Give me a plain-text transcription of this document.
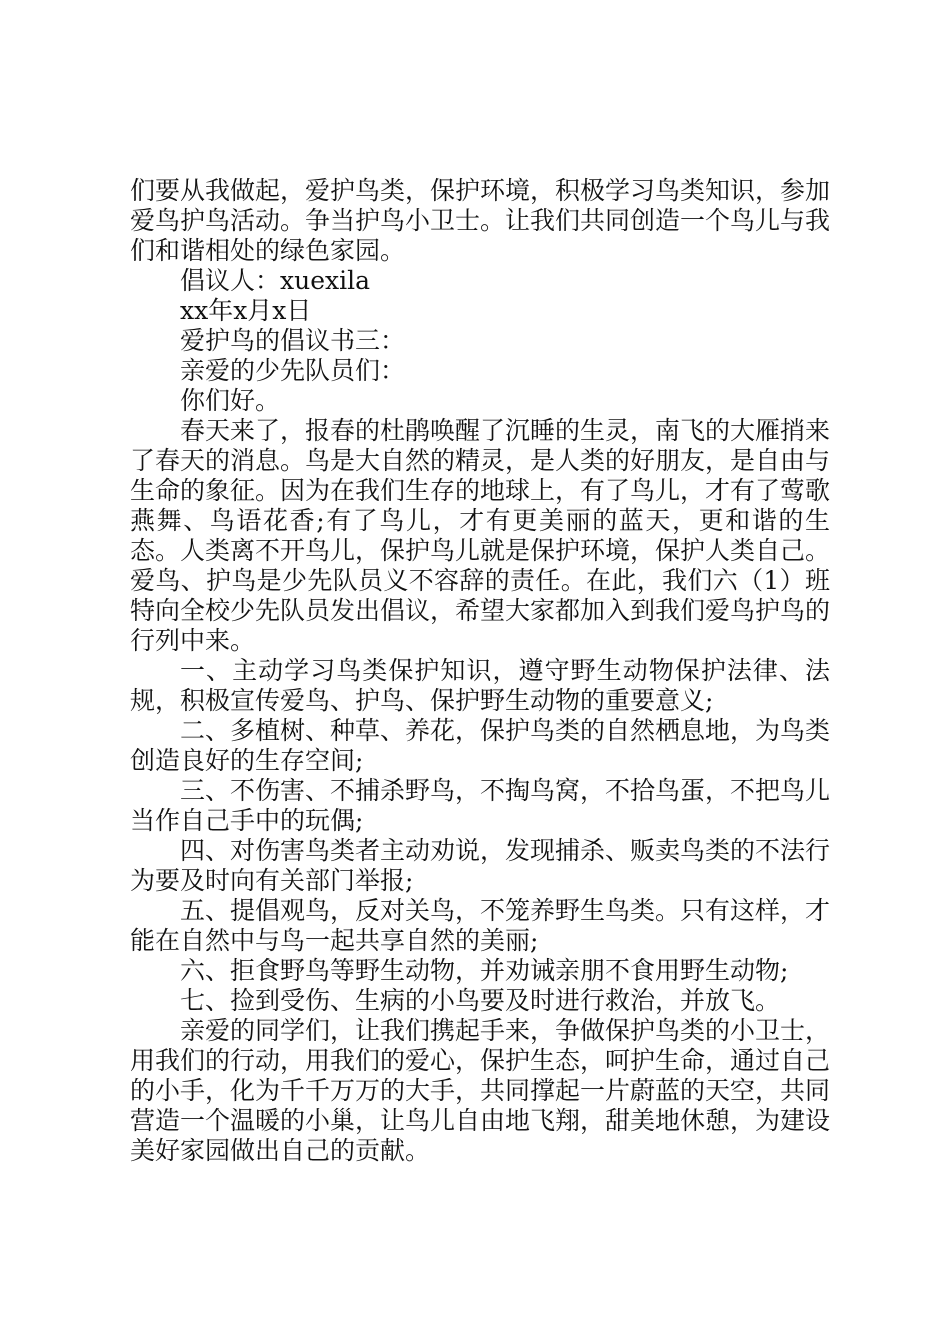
们要从我做起，爱护鸟类，保护环境，积极学习鸟类知识，参加爱鸟护鸟活动。争当护鸟小卫士。让我们共同创造一个鸟儿与我们和谐相处的绿色家园。

倡议人：xuexila

xx年x月x日

爱护鸟的倡议书三：

亲爱的少先队员们：

你们好。

春天来了，报春的杜鹃唤醒了沉睡的生灵，南飞的大雁捎来了春天的消息。鸟是大自然的精灵，是人类的好朋友，是自由与生命的象征。因为在我们生存的地球上，有了鸟儿，才有了莺歌燕舞、鸟语花香;有了鸟儿，才有更美丽的蓝天，更和谐的生态。人类离不开鸟儿，保护鸟儿就是保护环境，保护人类自己。爱鸟、护鸟是少先队员义不容辞的责任。在此，我们六（1）班特向全校少先队员发出倡议，希望大家都加入到我们爱鸟护鸟的行列中来。

一、主动学习鸟类保护知识，遵守野生动物保护法律、法规，积极宣传爱鸟、护鸟、保护野生动物的重要意义;

二、多植树、种草、养花，保护鸟类的自然栖息地，为鸟类创造良好的生存空间;

三、不伤害、不捕杀野鸟，不掏鸟窝，不拾鸟蛋，不把鸟儿当作自己手中的玩偶;

四、对伤害鸟类者主动劝说，发现捕杀、贩卖鸟类的不法行为要及时向有关部门举报;

五、提倡观鸟，反对关鸟，不笼养野生鸟类。只有这样，才能在自然中与鸟一起共享自然的美丽;

六、拒食野鸟等野生动物，并劝诫亲朋不食用野生动物;

七、捡到受伤、生病的小鸟要及时进行救治，并放飞。

亲爱的同学们，让我们携起手来，争做保护鸟类的小卫士，用我们的行动，用我们的爱心，保护生态，呵护生命，通过自己的小手，化为千千万万的大手，共同撑起一片蔚蓝的天空，共同营造一个温暖的小巢，让鸟儿自由地飞翔，甜美地休憩，为建设美好家园做出自己的贡献。
